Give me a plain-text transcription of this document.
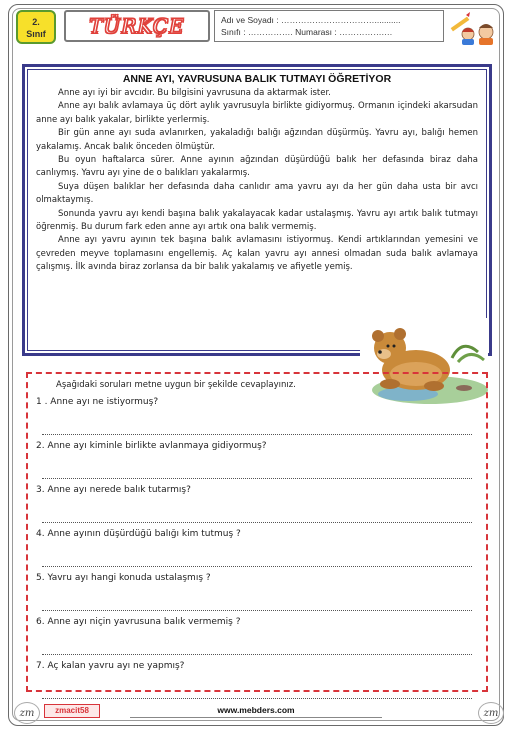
2.
Sınıf	TÜRKÇE	Adı ve Soyadı : ……………………………...........
Sınıfı : ……………. Numarası : …………….…
ANNE AYI, YAVRUSUNA BALIK TUTMAYI ÖĞRETİYOR

Anne ayı iyi bir avcıdır. Bu bilgisini yavrusuna da aktarmak ister.

Anne ayı balık avlamaya üç dört aylık yavrusuyla birlikte gidiyormuş. Ormanın içindeki akarsudan anne ayı balık yakalar, birlikte yerlermiş.

Bir gün anne ayı suda avlanırken, yakaladığı balığı ağzından düşürmüş. Yavru ayı, balığı hemen yakalamış. Ancak balık önceden ölmüştür.

Bu oyun haftalarca sürer. Anne ayının ağzından düşürdüğü balık her defasında biraz daha canlıymış. Yavru ayı yine de o balıkları yakalarmış.

Suya düşen balıklar her defasında daha canlıdır ama yavru ayı da her gün daha usta bir avcı olmaktaymış.

Sonunda yavru ayı kendi başına balık yakalayacak kadar ustalaşmış. Yavru ayı artık balık tutmayı öğrenmiş. Bu durum fark eden anne ayı artık ona balık vermemiş.

Anne ayı yavru ayının tek başına balık avlamasını istiyormuş. Kendi artıklarından yemesini ve çevreden meyve toplamasını engellemiş. Aç kalan yavru ayı annesi olmadan suda balık avlamaya çalışmış. İlk avında biraz zorlansa da bir balık yakalamış ve afiyetle yemiş.

Aşağıdaki soruları metne uygun bir şekilde cevaplayınız.
1 . Anne ayı ne istiyormuş?
2. Anne ayı kiminle birlikte avlanmaya gidiyormuş?
3. Anne ayı nerede balık tutarmış?
4. Anne ayının düşürdüğü balığı kim tutmuş ?
5. Yavru ayı hangi konuda ustalaşmış ?
6. Anne ayı niçin yavrusuna balık vermemiş ?
7. Aç kalan yavru ayı ne yapmış?
zm	zmacit58	www.mebders.com	zm
